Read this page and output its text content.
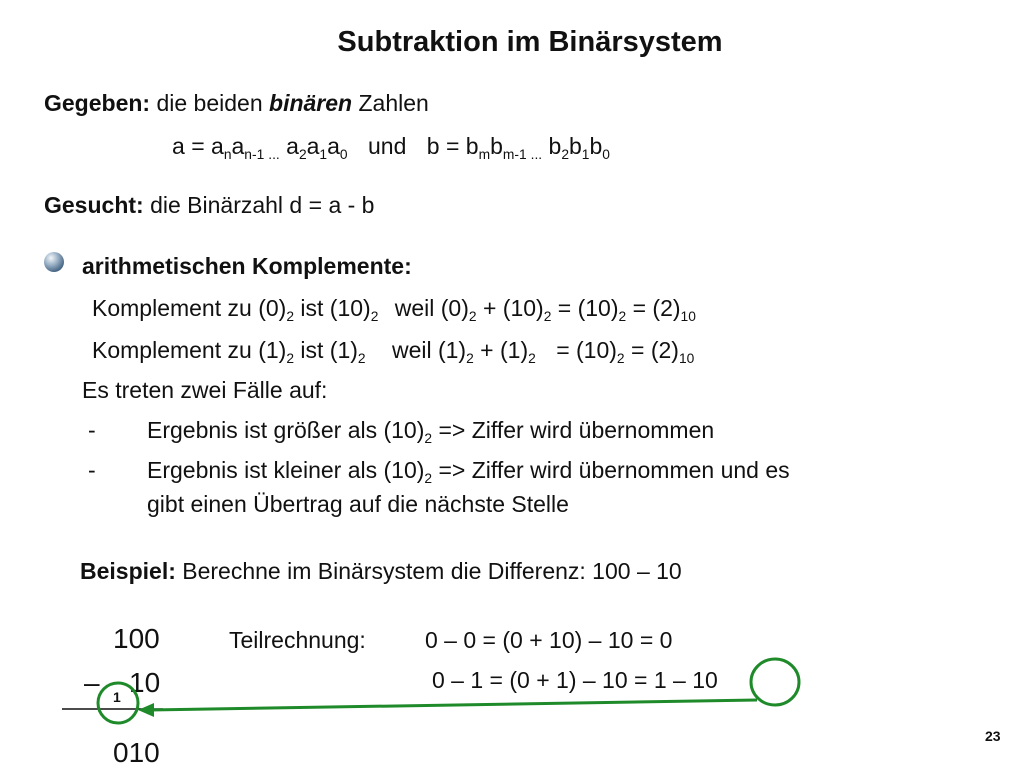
Subtraktion im Binärsystem
Gegeben: die beiden binären Zahlen
$a = a_na_{n-1}$ $_{...}$ $a_2a_1a_0$ und $b = b_mb_{m-1}$ $_{...}$ $b_2b_1b_0$
Gesucht: die Binärzahl d = a - b
arithmetischen Komplemente:
Komplement zu $(0)_2$ ist $(10)_2$ weil $(0)_2 + (10)_2 = (10)_2 = (2)_{10}$
Komplement zu $(1)_2$ ist $(1)_2$ weil $(1)_2 + (1)_2 = (10)_2 = (2)_{10}$
Es treten zwei Fälle auf:
- Ergebnis ist größer als $(10)_2$ => Ziffer wird übernommen
- Ergebnis ist kleiner als $(10)_2$ => Ziffer wird übernommen und es
gibt einen Übertrag auf die nächste Stelle
Beispiel: Berechne im Binärsystem die Differenz: 100 – 10
100
– 10
1
010
Teilrechnung:	0 – 0 = (0 + 10) – 10 = 0
0 – 1 = (0 + 1) – 10 = 1 – 10
23
